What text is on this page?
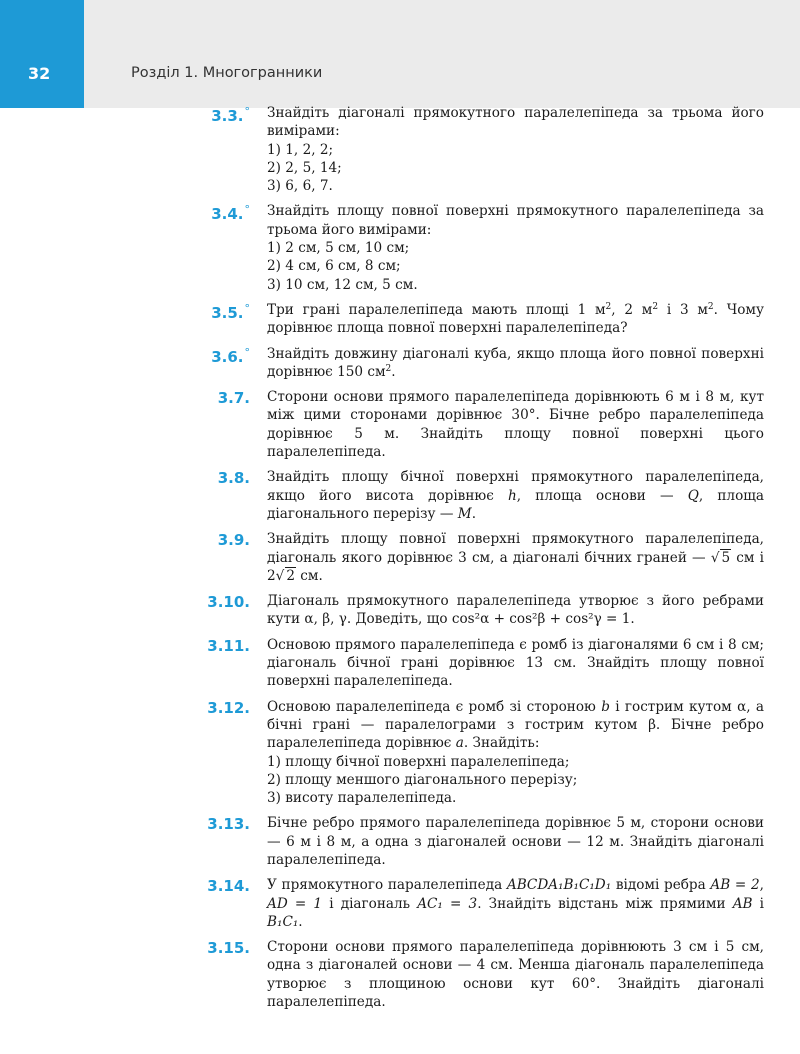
32	Розділ 1. Многогранники
3.3.° Знайдіть діагоналі прямокутного паралелепіпеда за трьома його вимірами:
1) 1, 2, 2;
2) 2, 5, 14;
3) 6, 6, 7.
3.4.° Знайдіть площу повної поверхні прямокутного паралелепіпеда за трьома його вимірами:
1) 2 см, 5 см, 10 см;
2) 4 см, 6 см, 8 см;
3) 10 см, 12 см, 5 см.
3.5.° Три грані паралелепіпеда мають площі 1 $м^2$, 2 $м^2$ і 3 $м^2$. Чому дорівнює площа повної поверхні паралелепіпеда?
3.6.° Знайдіть довжину діагоналі куба, якщо площа його повної поверхні дорівнює 150 $см^2$.
3.7. Сторони основи прямого паралелепіпеда дорівнюють 6 м і 8 м, кут між цими сторонами дорівнює 30°. Бічне ребро паралелепіпеда дорівнює 5 м. Знайдіть площу повної поверхні цього паралелепіпеда.
3.8. Знайдіть площу бічної поверхні прямокутного паралелепіпеда, якщо його висота дорівнює h, площа основи — Q, площа діагонального перерізу — M.
3.9. Знайдіть площу повної поверхні прямокутного паралелепіпеда, діагональ якого дорівнює 3 см, а діагоналі бічних граней — √ 5 см і 2√ 2 см.
3.10. Діагональ прямокутного паралелепіпеда утворює з його ребрами кути α, β, γ. Доведіть, що cos²α + cos²β + cos²γ = 1.
3.11. Основою прямого паралелепіпеда є ромб із діагоналями 6 см і 8 см; діагональ бічної грані дорівнює 13 см. Знайдіть площу повної поверхні паралелепіпеда.
3.12. Основою паралелепіпеда є ромб зі стороною b і гострим кутом α, а бічні грані — паралелограми з гострим кутом β. Бічне ребро паралелепіпеда дорівнює a. Знайдіть:
1) площу бічної поверхні паралелепіпеда;
2) площу меншого діагонального перерізу;
3) висоту паралелепіпеда.
3.13. Бічне ребро прямого паралелепіпеда дорівнює 5 м, сторони основи — 6 м і 8 м, а одна з діагоналей основи — 12 м. Знайдіть діагоналі паралелепіпеда.
3.14. У прямокутного паралелепіпеда ABCDA₁B₁C₁D₁ відомі ребра AB = 2, AD = 1 і діагональ AC₁ = 3. Знайдіть відстань між прямими AB і B₁C₁.
3.15. Сторони основи прямого паралелепіпеда дорівнюють 3 см і 5 см, одна з діагоналей основи — 4 см. Менша діагональ паралелепіпеда утворює з площиною основи кут 60°. Знайдіть діагоналі паралелепіпеда.
